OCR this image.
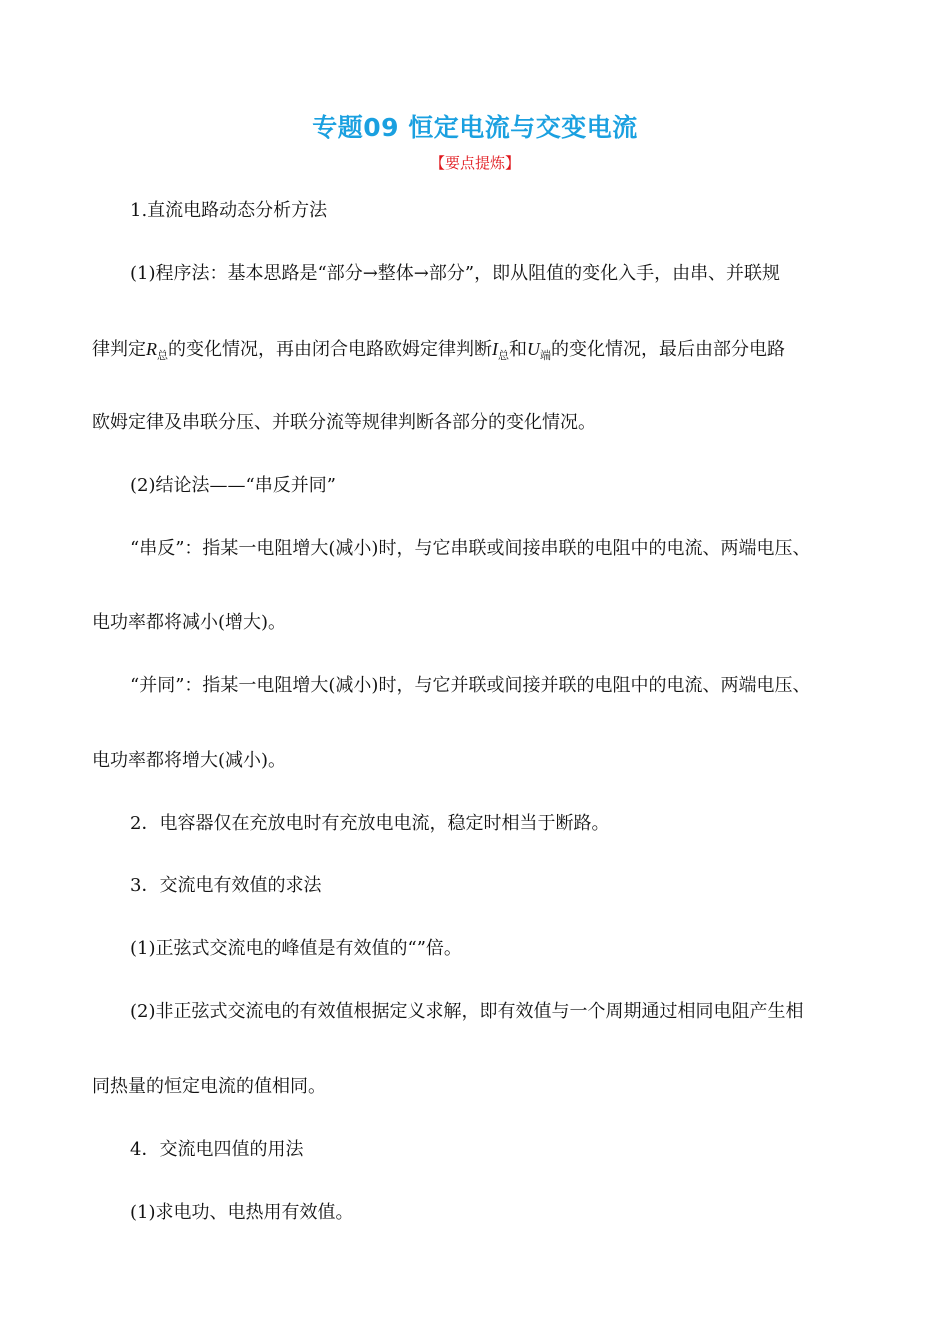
专题09 恒定电流与交变电流
【要点提炼】
1.直流电路动态分析方法
(1)程序法：基本思路是“部分→整体→部分”，即从阻值的变化入手，由串、并联规
律判定$R_总$的变化情况，再由闭合电路欧姆定律判断$I_总$和$U_端$的变化情况，最后由部分电路
欧姆定律及串联分压、并联分流等规律判断各部分的变化情况。
(2)结论法——“串反并同”
“串反”：指某一电阻增大(减小)时，与它串联或间接串联的电阻中的电流、两端电压、
电功率都将减小(增大)。
“并同”：指某一电阻增大(减小)时，与它并联或间接并联的电阻中的电流、两端电压、
电功率都将增大(减小)。
2．电容器仅在充放电时有充放电电流，稳定时相当于断路。
3．交流电有效值的求法
(1)正弦式交流电的峰值是有效值的“”倍。
(2)非正弦式交流电的有效值根据定义求解，即有效值与一个周期通过相同电阻产生相
同热量的恒定电流的值相同。
4．交流电四值的用法
(1)求电功、电热用有效值。
